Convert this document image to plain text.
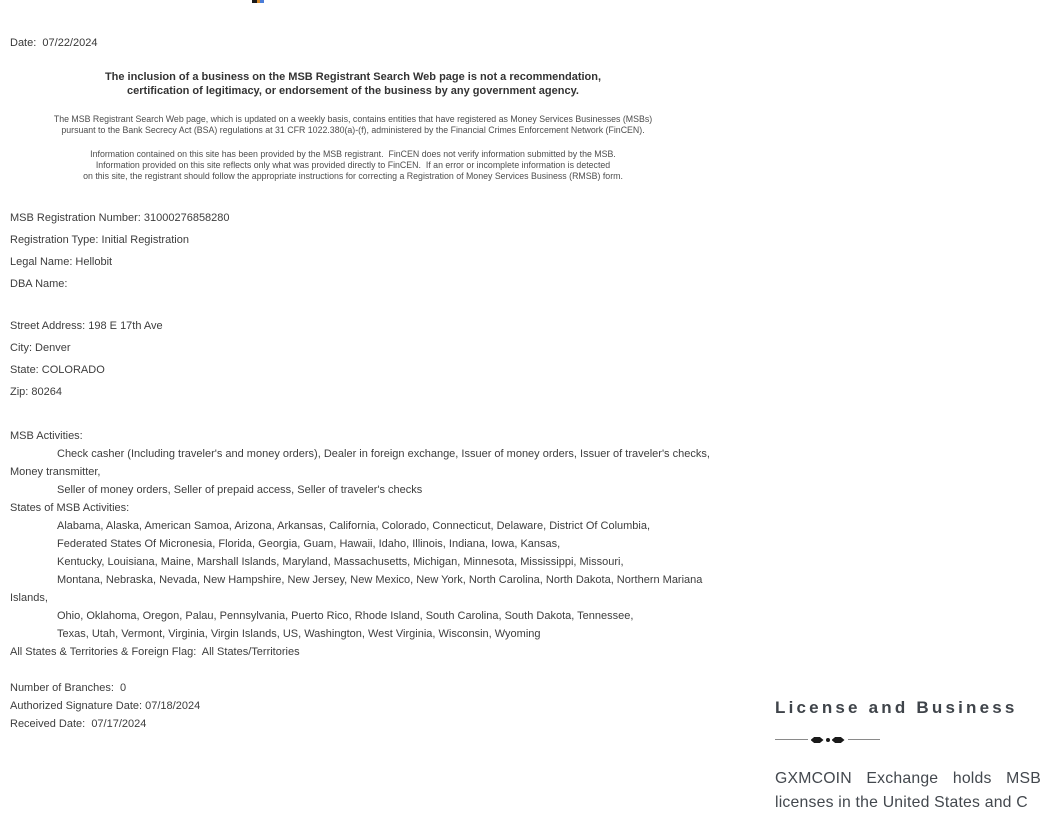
Date:  07/22/2024
The inclusion of a business on the MSB Registrant Search Web page is not a recommendation,
certification of legitimacy, or endorsement of the business by any government agency.
The MSB Registrant Search Web page, which is updated on a weekly basis, contains entities that have registered as Money Services Businesses (MSBs)
pursuant to the Bank Secrecy Act (BSA) regulations at 31 CFR 1022.380(a)-(f), administered by the Financial Crimes Enforcement Network (FinCEN).
Information contained on this site has been provided by the MSB registrant.  FinCEN does not verify information submitted by the MSB.
Information provided on this site reflects only what was provided directly to FinCEN.  If an error or incomplete information is detected
on this site, the registrant should follow the appropriate instructions for correcting a Registration of Money Services Business (RMSB) form.
MSB Registration Number: 31000276858280
Registration Type: Initial Registration
Legal Name: Hellobit
DBA Name:
Street Address: 198 E 17th Ave
City: Denver
State: COLORADO
Zip: 80264
MSB Activities:
Check casher (Including traveler's and money orders), Dealer in foreign exchange, Issuer of money orders, Issuer of traveler's checks,
Money transmitter,
Seller of money orders, Seller of prepaid access, Seller of traveler's checks
States of MSB Activities:
Alabama, Alaska, American Samoa, Arizona, Arkansas, California, Colorado, Connecticut, Delaware, District Of Columbia,
Federated States Of Micronesia, Florida, Georgia, Guam, Hawaii, Idaho, Illinois, Indiana, Iowa, Kansas,
Kentucky, Louisiana, Maine, Marshall Islands, Maryland, Massachusetts, Michigan, Minnesota, Mississippi, Missouri,
Montana, Nebraska, Nevada, New Hampshire, New Jersey, New Mexico, New York, North Carolina, North Dakota, Northern Mariana
Islands,
Ohio, Oklahoma, Oregon, Palau, Pennsylvania, Puerto Rico, Rhode Island, South Carolina, South Dakota, Tennessee,
Texas, Utah, Vermont, Virginia, Virgin Islands, US, Washington, West Virginia, Wisconsin, Wyoming
All States & Territories & Foreign Flag:  All States/Territories
Number of Branches:  0
Authorized Signature Date: 07/18/2024
Received Date:  07/17/2024
License and Business
GXMCOIN Exchange holds MSB
licenses in the United States and C
